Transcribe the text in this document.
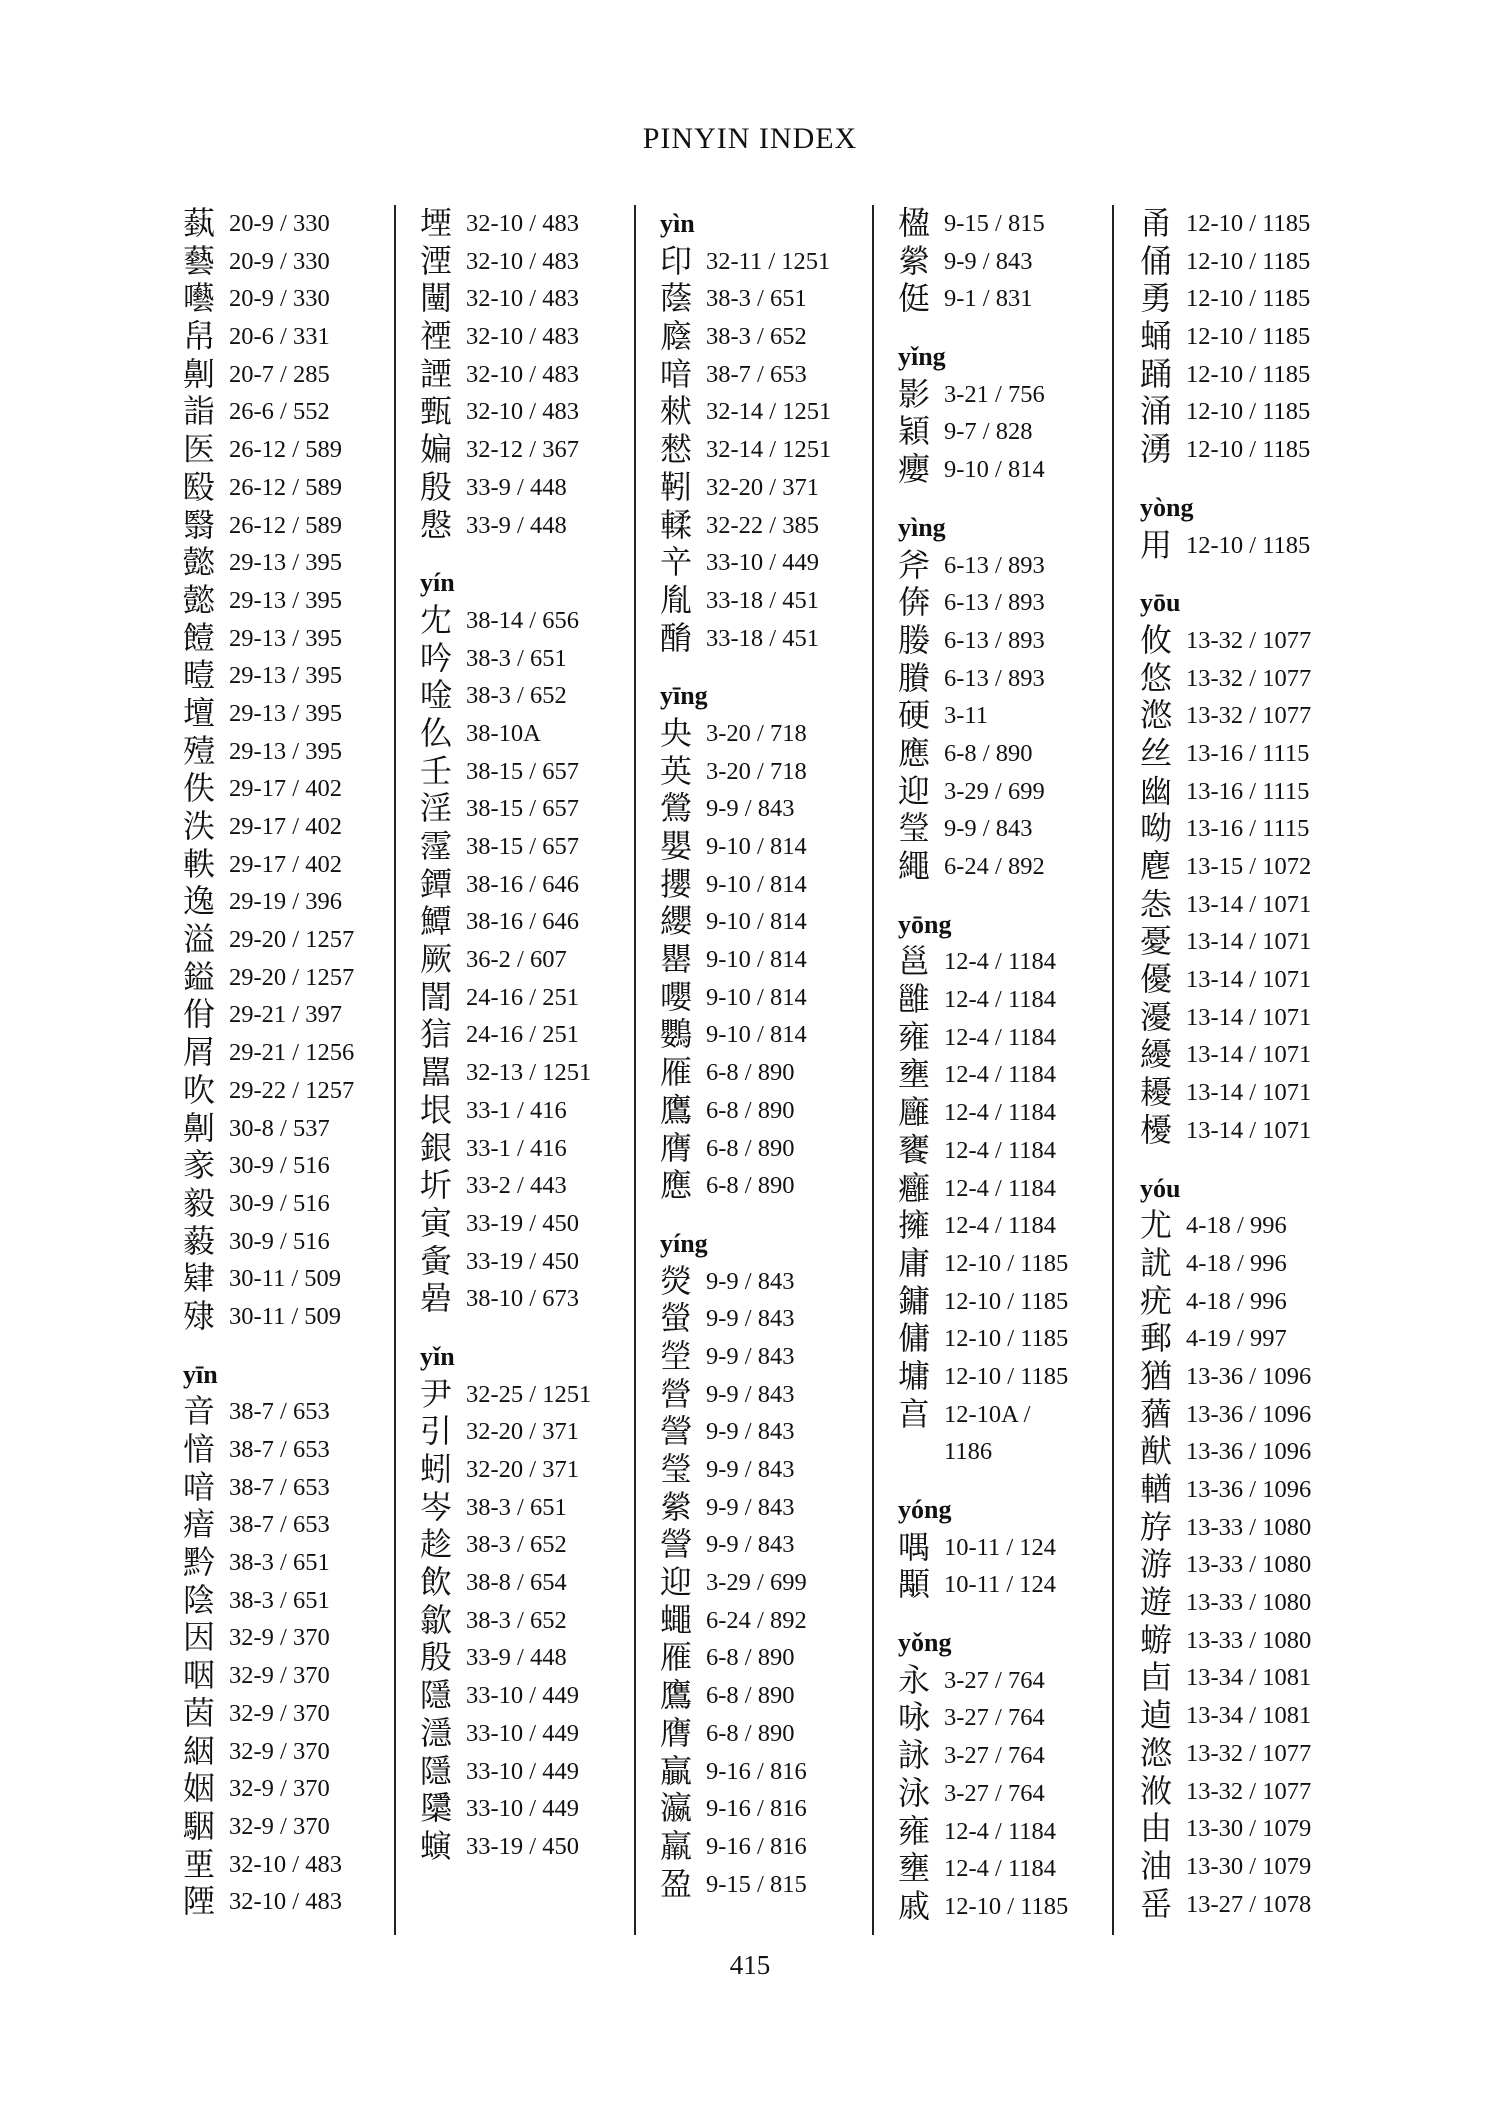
PINYIN INDEX
蓺 20-9 / 330
藝 20-9 / 330
囈 20-9 / 330
帠 20-6 / 331
劓 20-7 / 285
詣 26-6 / 552
医 26-12 / 589
殹 26-12 / 589
翳 26-12 / 589
懿 29-13 / 395
懿 29-13 / 395
饐 29-13 / 395
曀 29-13 / 395
壇 29-13 / 395
殪 29-13 / 395
佚 29-17 / 402
泆 29-17 / 402
軼 29-17 / 402
逸 29-19 / 396
溢 29-20 / 1257
鎰 29-20 / 1257
佾 29-21 / 397
屑 29-21 / 1256
吹 29-22 / 1257
劓 30-8 / 537
豙 30-9 / 516
毅 30-9 / 516
藙 30-9 / 516
肄 30-11 / 509
殔 30-11 / 509
yīn
音 38-7 / 653
愔 38-7 / 653
喑 38-7 / 653
瘖 38-7 / 653
黔 38-3 / 651
陰 38-3 / 651
因 32-9 / 370
咽 32-9 / 370
茵 32-9 / 370
絪 32-9 / 370
姻 32-9 / 370
駰 32-9 / 370
垔 32-10 / 483
陻 32-10 / 483
堙 32-10 / 483
湮 32-10 / 483
闉 32-10 / 483
禋 32-10 / 483
諲 32-10 / 483
甄 32-10 / 483
媥 32-12 / 367
殷 33-9 / 448
慇 33-9 / 448
yín
冘 38-14 / 656
吟 38-3 / 651
唫 38-3 / 652
仫 38-10A
壬 38-15 / 657
淫 38-15 / 657
霪 38-15 / 657
鐔 38-16 / 646
鱏 38-16 / 646
厥 36-2 / 607
誾 24-16 / 251
狺 24-16 / 251
嚚 32-13 / 1251
垠 33-1 / 416
銀 33-1 / 416
圻 33-2 / 443
寅 33-19 / 450
夤 33-19 / 450
碞 38-10 / 673
yǐn
尹 32-25 / 1251
引 32-20 / 371
蚓 32-20 / 371
岑 38-3 / 651
趁 38-3 / 652
飲 38-8 / 654
歙 38-3 / 652
殷 33-9 / 448
隱 33-10 / 449
濦 33-10 / 449
隱 33-10 / 449
櫽 33-10 / 449
螾 33-19 / 450
yìn
印 32-11 / 1251
蔭 38-3 / 651
廕 38-3 / 652
喑 38-7 / 653
猌 32-14 / 1251
憖 32-14 / 1251
靷 32-20 / 371
輮 32-22 / 385
䇂 33-10 / 449
胤 33-18 / 451
酳 33-18 / 451
yīng
央 3-20 / 718
英 3-20 / 718
鶯 9-9 / 843
嬰 9-10 / 814
攖 9-10 / 814
纓 9-10 / 814
罌 9-10 / 814
嚶 9-10 / 814
鸚 9-10 / 814
雁 6-8 / 890
鷹 6-8 / 890
膺 6-8 / 890
應 6-8 / 890
yíng
熒 9-9 / 843
螢 9-9 / 843
塋 9-9 / 843
營 9-9 / 843
謍 9-9 / 843
瑩 9-9 / 843
縈 9-9 / 843
謍 9-9 / 843
迎 3-29 / 699
蠅 6-24 / 892
雁 6-8 / 890
鷹 6-8 / 890
膺 6-8 / 890
贏 9-16 / 816
瀛 9-16 / 816
羸 9-16 / 816
盈 9-15 / 815
楹 9-15 / 815
縈 9-9 / 843
侹 9-1 / 831
yǐng
影 3-21 / 756
穎 9-7 / 828
癭 9-10 / 814
yìng
斧 6-13 / 893
倴 6-13 / 893
媵 6-13 / 893
賸 6-13 / 893
硬 3-11
應 6-8 / 890
迎 3-29 / 699
瑩 9-9 / 843
繩 6-24 / 892
yōng
邕 12-4 / 1184
雝 12-4 / 1184
雍 12-4 / 1184
壅 12-4 / 1184
廱 12-4 / 1184
饔 12-4 / 1184
癰 12-4 / 1184
擁 12-4 / 1184
庸 12-10 / 1185
鏞 12-10 / 1185
傭 12-10 / 1185
墉 12-10 / 1185
亯 12-10A /
1186
yóng
喁 10-11 / 124
顒 10-11 / 124
yǒng
永 3-27 / 764
咏 3-27 / 764
詠 3-27 / 764
泳 3-27 / 764
雍 12-4 / 1184
壅 12-4 / 1184
戚 12-10 / 1185
甬 12-10 / 1185
俑 12-10 / 1185
勇 12-10 / 1185
蛹 12-10 / 1185
踊 12-10 / 1185
涌 12-10 / 1185
湧 12-10 / 1185
yòng
用 12-10 / 1185
yōu
攸 13-32 / 1077
悠 13-32 / 1077
滺 13-32 / 1077
丝 13-16 / 1115
幽 13-16 / 1115
呦 13-16 / 1115
麀 13-15 / 1072
怣 13-14 / 1071
憂 13-14 / 1071
優 13-14 / 1071
瀀 13-14 / 1071
纋 13-14 / 1071
耰 13-14 / 1071
櫌 13-14 / 1071
yóu
尤 4-18 / 996
訧 4-18 / 996
疣 4-18 / 996
郵 4-19 / 997
猶 13-36 / 1096
蕕 13-36 / 1096
猷 13-36 / 1096
輶 13-36 / 1096
斿 13-33 / 1080
游 13-33 / 1080
遊 13-33 / 1080
蝣 13-33 / 1080
卣 13-34 / 1081
逌 13-34 / 1081
滺 13-32 / 1077
浟 13-32 / 1077
由 13-30 / 1079
油 13-30 / 1079
䍃 13-27 / 1078
415
